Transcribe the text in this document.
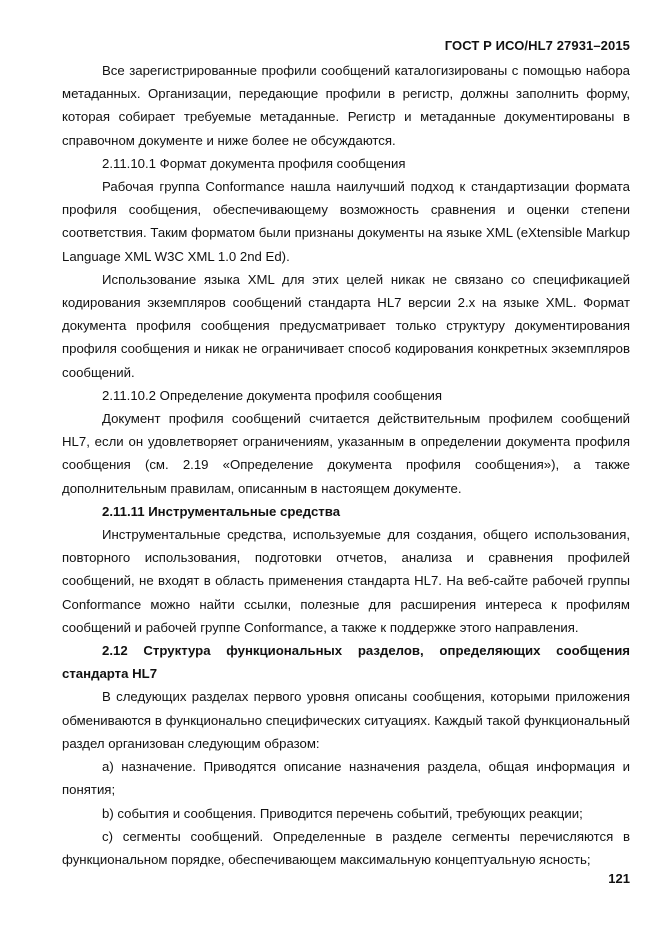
ГОСТ Р ИСО/HL7 27931–2015

Все зарегистрированные профили сообщений каталогизированы с помощью набора метаданных. Организации, передающие профили в регистр, должны заполнить форму, которая собирает требуемые метаданные. Регистр и метаданные документированы в справочном документе и ниже более не обсуждаются.

2.11.10.1 Формат документа профиля сообщения

Рабочая группа Conformance нашла наилучший подход к стандартизации формата профиля сообщения, обеспечивающему возможность сравнения и оценки степени соответствия. Таким форматом были признаны документы на языке XML (eXtensible Markup Language XML W3C XML 1.0 2nd Ed).

Использование языка XML для этих целей никак не связано со спецификацией кодирования экземпляров сообщений стандарта HL7 версии 2.x на языке XML. Формат документа профиля сообщения предусматривает только структуру документирования профиля сообщения и никак не ограничивает способ кодирования конкретных экземпляров сообщений.

2.11.10.2 Определение документа профиля сообщения

Документ профиля сообщений считается действительным профилем сообщений HL7, если он удовлетворяет ограничениям, указанным в определении документа профиля сообщения (см. 2.19 «Определение документа профиля сообщения»), а также дополнительным правилам, описанным в настоящем документе.

2.11.11 Инструментальные средства

Инструментальные средства, используемые для создания, общего использования, повторного использования, подготовки отчетов, анализа и сравнения профилей сообщений, не входят в область применения стандарта HL7. На веб-сайте рабочей группы Conformance можно найти ссылки, полезные для расширения интереса к профилям сообщений и рабочей группе Conformance, а также к поддержке этого направления.

2.12 Структура функциональных разделов, определяющих сообщения стандарта HL7

В следующих разделах первого уровня описаны сообщения, которыми приложения обмениваются в функционально специфических ситуациях. Каждый такой функциональный раздел организован следующим образом:

а) назначение. Приводятся описание назначения раздела, общая информация и понятия;

b) события и сообщения. Приводится перечень событий, требующих реакции;

c) сегменты сообщений. Определенные в разделе сегменты перечисляются в функциональном порядке, обеспечивающем максимальную концептуальную ясность;

121
